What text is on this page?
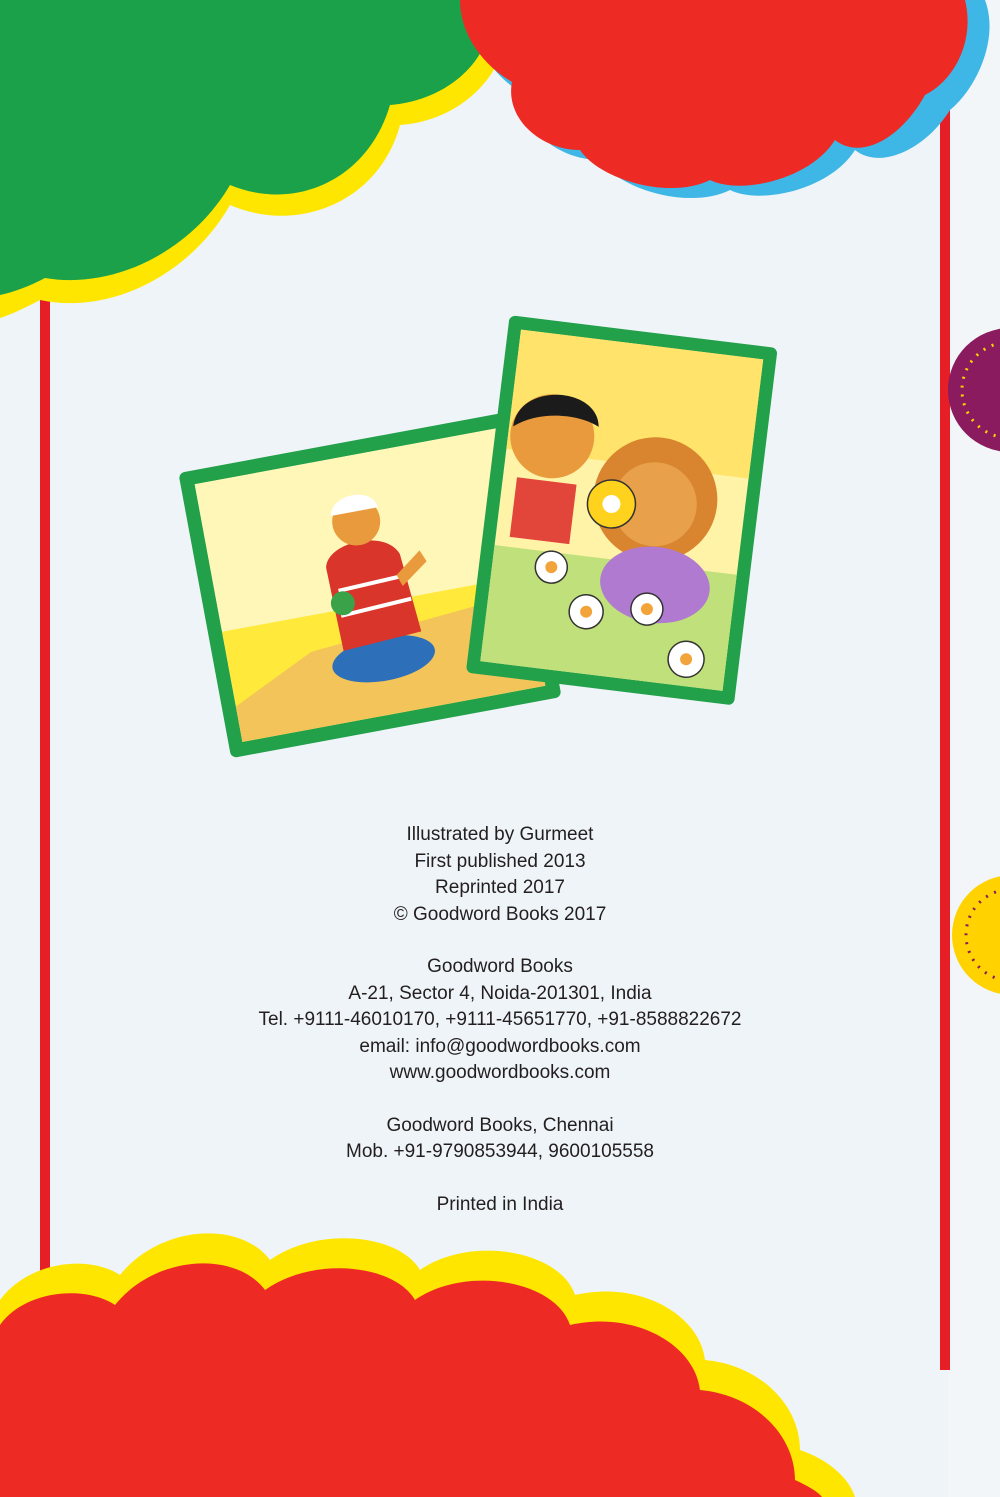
Illustrated by Gurmeet
First published 2013
Reprinted 2017
© Goodword Books 2017
Goodword Books
A-21, Sector 4, Noida-201301, India
Tel. +9111-46010170, +9111-45651770, +91-8588822672
email: info@goodwordbooks.com
www.goodwordbooks.com
Goodword Books, Chennai
Mob. +91-9790853944, 9600105558
Printed in India
